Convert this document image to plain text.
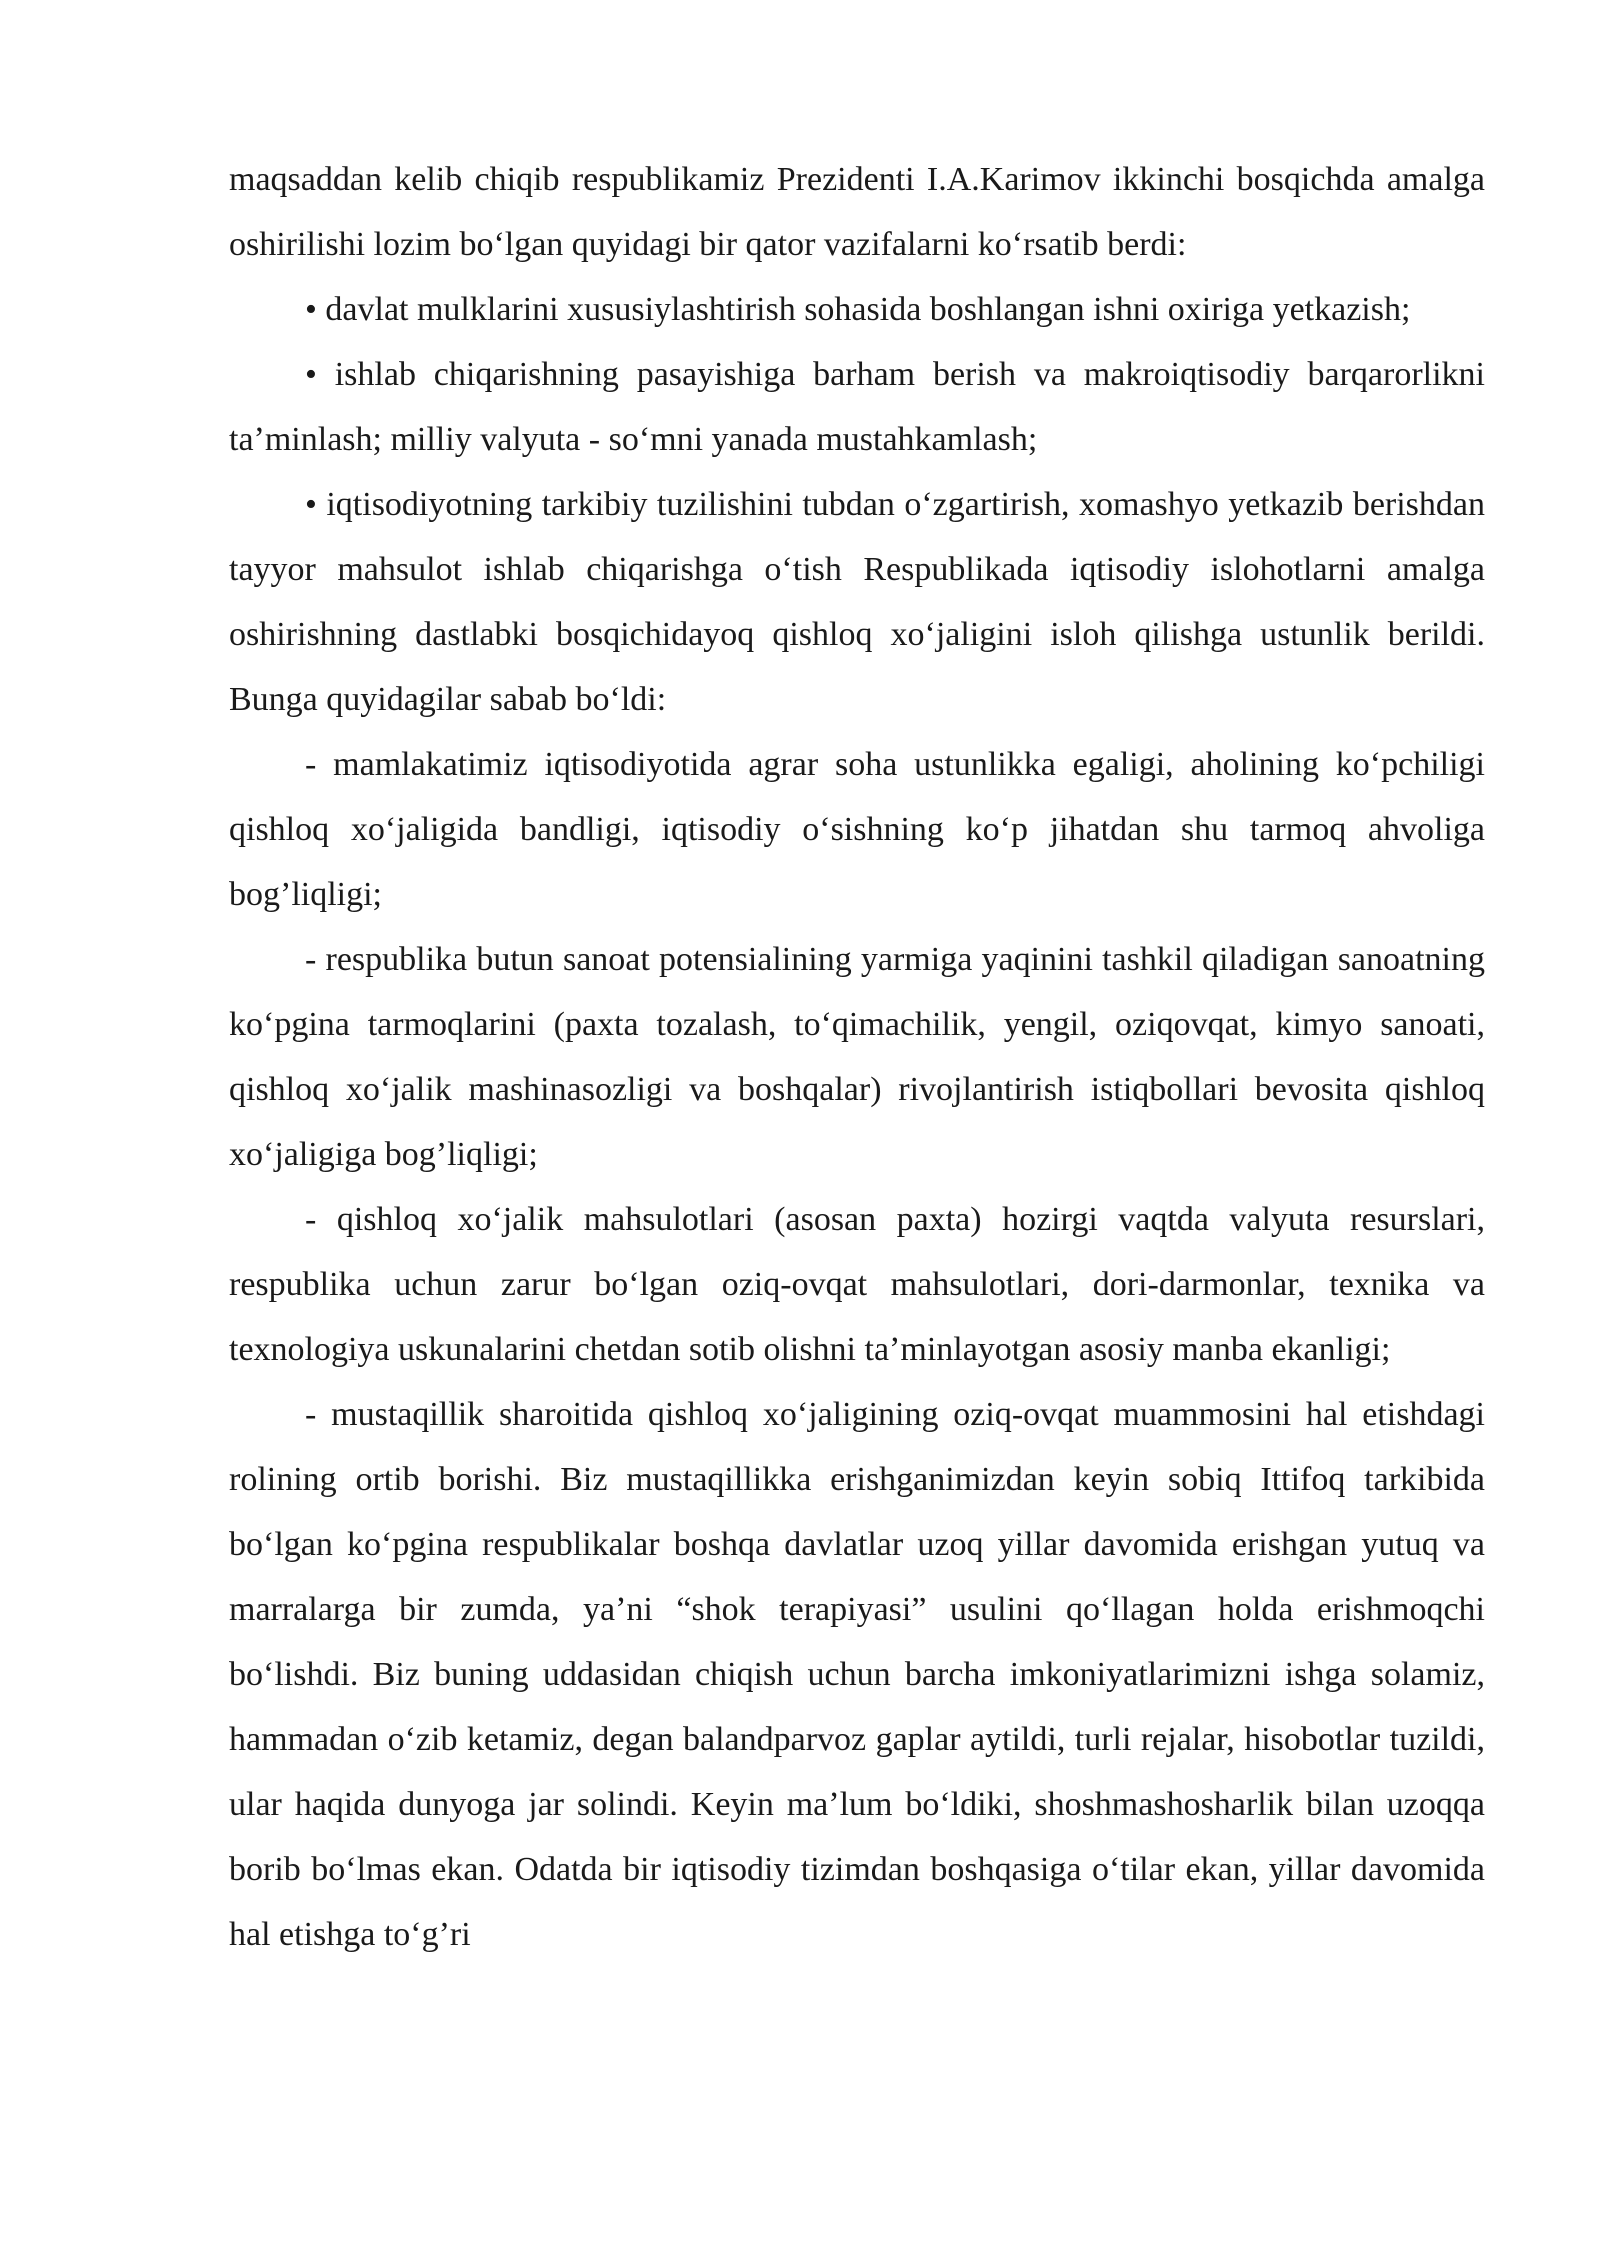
maqsaddan kelib chiqib respublikamiz Prezidenti I.A.Karimov ikkinchi bosqichda amalga oshirilishi lozim boʻlgan quyidagi bir qator vazifalarni koʻrsatib berdi:

• davlat mulklarini xususiylashtirish sohasida boshlangan ishni oxiriga yetkazish;

• ishlab chiqarishning pasayishiga barham berish va makroiqtisodiy barqarorlikni taʼminlash; milliy valyuta - soʻmni yanada mustahkamlash;

• iqtisodiyotning tarkibiy tuzilishini tubdan oʻzgartirish, xomashyo yetkazib berishdan tayyor mahsulot ishlab chiqarishga oʻtish Respublikada iqtisodiy islohotlarni amalga oshirishning dastlabki bosqichidayoq qishloq xoʻjaligini isloh qilishga ustunlik berildi. Bunga quyidagilar sabab boʻldi:

- mamlakatimiz iqtisodiyotida agrar soha ustunlikka egaligi, aholining koʻpchiligi qishloq xoʻjaligida bandligi, iqtisodiy oʻsishning koʻp jihatdan shu tarmoq ahvoliga bog’liqligi;

- respublika butun sanoat potensialining yarmiga yaqinini tashkil qiladigan sanoatning koʻpgina tarmoqlarini (paxta tozalash, toʻqimachilik, yengil, oziqovqat, kimyo sanoati, qishloq xoʻjalik mashinasozligi va boshqalar) rivojlantirish istiqbollari bevosita qishloq xoʻjaligiga bog’liqligi;

- qishloq xoʻjalik mahsulotlari (asosan paxta) hozirgi vaqtda valyuta resurslari, respublika uchun zarur boʻlgan oziq-ovqat mahsulotlari, dori-darmonlar, texnika va texnologiya uskunalarini chetdan sotib olishni taʼminlayotgan asosiy manba ekanligi;

- mustaqillik sharoitida qishloq xoʻjaligining oziq-ovqat muammosini hal etishdagi rolining ortib borishi. Biz mustaqillikka erishganimizdan keyin sobiq Ittifoq tarkibida boʻlgan koʻpgina respublikalar boshqa davlatlar uzoq yillar davomida erishgan yutuq va marralarga bir zumda, yaʼni “shok terapiyasi” usulini qoʻllagan holda erishmoqchi boʻlishdi. Biz buning uddasidan chiqish uchun barcha imkoniyatlarimizni ishga solamiz, hammadan oʻzib ketamiz, degan balandparvoz gaplar aytildi, turli rejalar, hisobotlar tuzildi, ular haqida dunyoga jar solindi. Keyin maʼlum boʻldiki, shoshmashosharlik bilan uzoqqa borib boʻlmas ekan. Odatda bir iqtisodiy tizimdan boshqasiga oʻtilar ekan, yillar davomida hal etishga toʻg’ri
